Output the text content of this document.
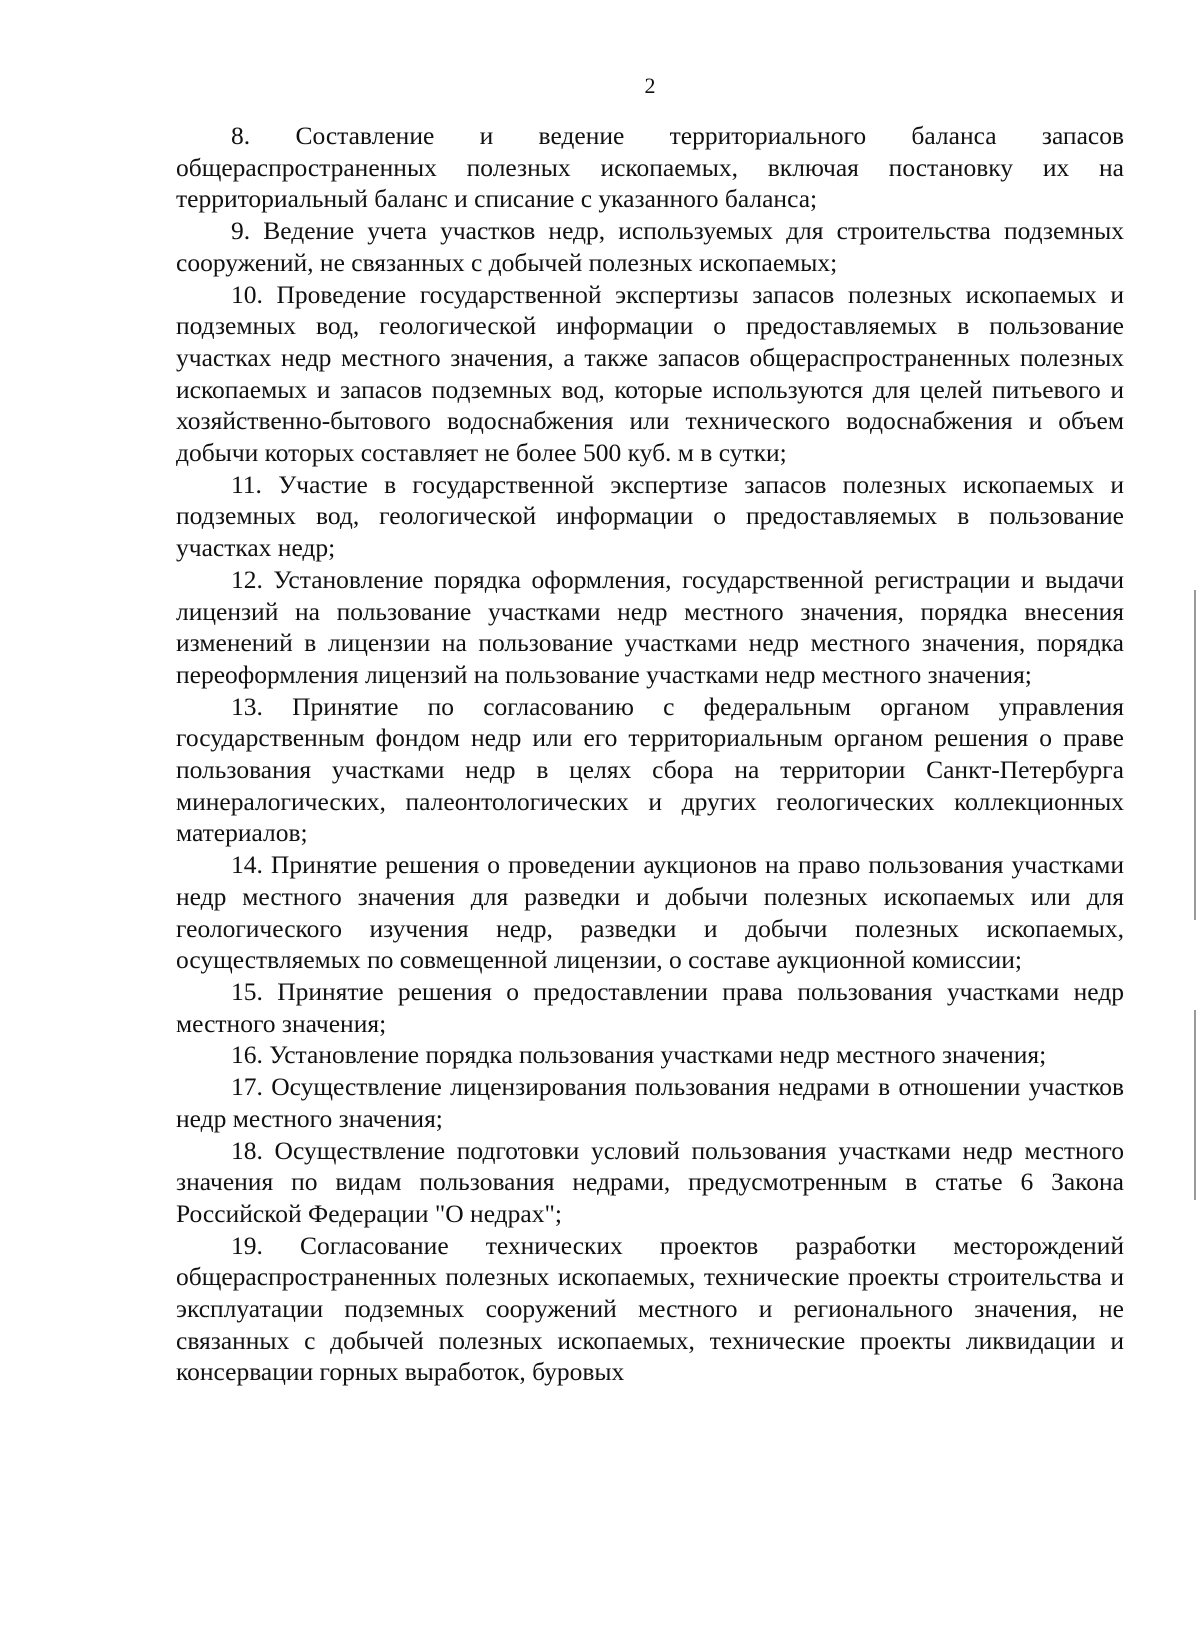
2

8. Составление и ведение территориального баланса запасов общераспространенных полезных ископаемых, включая постановку их на территориальный баланс и списание с указанного баланса;

9. Ведение учета участков недр, используемых для строительства подземных сооружений, не связанных с добычей полезных ископаемых;

10. Проведение государственной экспертизы запасов полезных ископаемых и подземных вод, геологической информации о предоставляемых в пользование участках недр местного значения, а также запасов общераспространенных полезных ископаемых и запасов подземных вод, которые используются для целей питьевого и хозяйственно-бытового водоснабжения или технического водоснабжения и объем добычи которых составляет не более 500 куб. м в сутки;

11. Участие в государственной экспертизе запасов полезных ископаемых и подземных вод, геологической информации о предоставляемых в пользование участках недр;

12. Установление порядка оформления, государственной регистрации и выдачи лицензий на пользование участками недр местного значения, порядка внесения изменений в лицензии на пользование участками недр местного значения, порядка переоформления лицензий на пользование участками недр местного значения;

13. Принятие по согласованию с федеральным органом управления государственным фондом недр или его территориальным органом решения о праве пользования участками недр в целях сбора на территории Санкт-Петербурга минералогических, палеонтологических и других геологических коллекционных материалов;

14. Принятие решения о проведении аукционов на право пользования участками недр местного значения для разведки и добычи полезных ископаемых или для геологического изучения недр, разведки и добычи полезных ископаемых, осуществляемых по совмещенной лицензии, о составе аукционной комиссии;

15. Принятие решения о предоставлении права пользования участками недр местного значения;

16. Установление порядка пользования участками недр местного значения;

17. Осуществление лицензирования пользования недрами в отношении участков недр местного значения;

18. Осуществление подготовки условий пользования участками недр местного значения по видам пользования недрами, предусмотренным в статье 6 Закона Российской Федерации "О недрах";

19. Согласование технических проектов разработки месторождений общераспространенных полезных ископаемых, технические проекты строительства и эксплуатации подземных сооружений местного и регионального значения, не связанных с добычей полезных ископаемых, технические проекты ликвидации и консервации горных выработок, буровых
